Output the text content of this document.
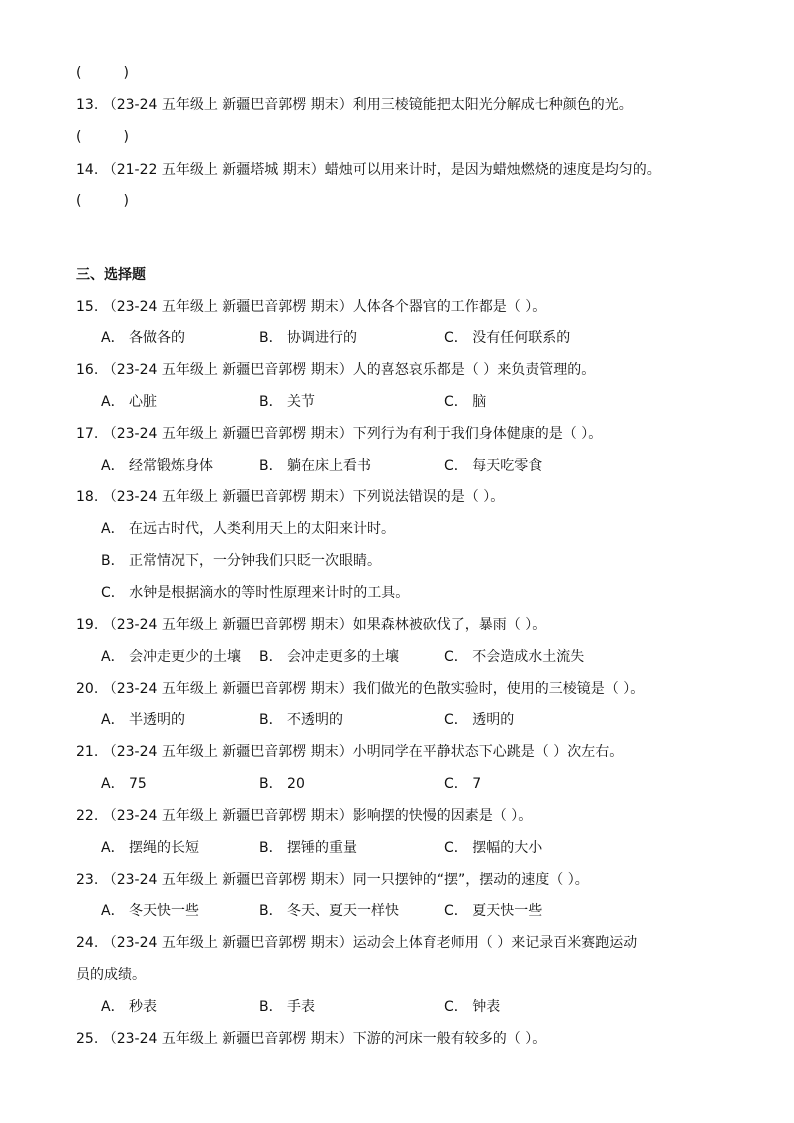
(	)
13. （23-24 五年级上 新疆巴音郭楞 期末）利用三棱镜能把太阳光分解成七种颜色的光。
(	)
14. （21-22 五年级上 新疆塔城 期末）蜡烛可以用来计时，是因为蜡烛燃烧的速度是均匀的。
(	)
三、选择题
15. （23-24 五年级上 新疆巴音郭楞 期末）人体各个器官的工作都是（ ）。
A． 各做各的	B． 协调进行的	C． 没有任何联系的
16. （23-24 五年级上 新疆巴音郭楞 期末）人的喜怒哀乐都是（ ）来负责管理的。
A． 心脏	B． 关节	C． 脑
17. （23-24 五年级上 新疆巴音郭楞 期末）下列行为有利于我们身体健康的是（ ）。
A． 经常锻炼身体	B． 躺在床上看书	C． 每天吃零食
18. （23-24 五年级上 新疆巴音郭楞 期末）下列说法错误的是（ ）。
A． 在远古时代，人类利用天上的太阳来计时。
B． 正常情况下，一分钟我们只眨一次眼睛。
C． 水钟是根据滴水的等时性原理来计时的工具。
19. （23-24 五年级上 新疆巴音郭楞 期末）如果森林被砍伐了，暴雨（ ）。
A． 会冲走更少的土壤 B． 会冲走更多的土壤	C． 不会造成水土流失
20. （23-24 五年级上 新疆巴音郭楞 期末）我们做光的色散实验时，使用的三棱镜是（ ）。
A． 半透明的	B． 不透明的	C． 透明的
21. （23-24 五年级上 新疆巴音郭楞 期末）小明同学在平静状态下心跳是（ ）次左右。
A． 75	B． 20	C． 7
22. （23-24 五年级上 新疆巴音郭楞 期末）影响摆的快慢的因素是（ ）。
A． 摆绳的长短	B． 摆锤的重量	C． 摆幅的大小
23. （23-24 五年级上 新疆巴音郭楞 期末）同一只摆钟的“摆”，摆动的速度（ ）。
A． 冬天快一些	B． 冬天、夏天一样快	C． 夏天快一些
24. （23-24 五年级上 新疆巴音郭楞 期末）运动会上体育老师用（ ）来记录百米赛跑运动
员的成绩。
A． 秒表	B． 手表	C． 钟表
25. （23-24 五年级上 新疆巴音郭楞 期末）下游的河床一般有较多的（ ）。
